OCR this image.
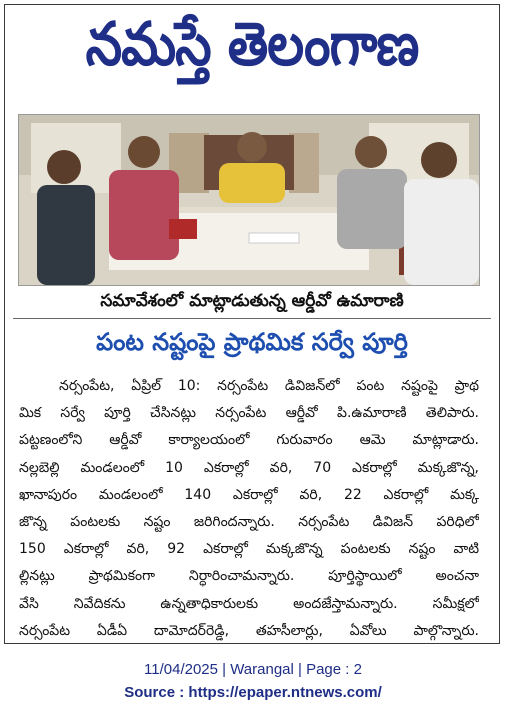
నమస్తే తెలంగాణ
సమావేశంలో మాట్లాడుతున్న ఆర్డీవో ఉమారాణి
పంట నష్టంపై ప్రాథమిక సర్వే పూర్తి
నర్సంపేట, ఏప్రిల్ 10: నర్సంపేట డివిజన్‌లో పంట నష్టంపై ప్రాథ
మిక సర్వే పూర్తి చేసినట్లు నర్సంపేట ఆర్డీవో పి.ఉమారాణి తెలిపారు.
పట్టణంలోని ఆర్డీవో కార్యాలయంలో గురువారం ఆమె మాట్లాడారు.
నల్లబెల్లి మండలంలో 10 ఎకరాల్లో వరి, 70 ఎకరాల్లో మక్కజొన్న,
ఖానాపురం మండలంలో 140 ఎకరాల్లో వరి, 22 ఎకరాల్లో మక్క
జొన్న పంటలకు నష్టం జరిగిందన్నారు. నర్సంపేట డివిజన్ పరిధిలో
150 ఎకరాల్లో వరి, 92 ఎకరాల్లో మక్కజొన్న పంటలకు నష్టం వాటి
ల్లినట్లు ప్రాథమికంగా నిర్ధారించామన్నారు. పూర్తిస్థాయిలో అంచనా
వేసి నివేదికను ఉన్నతాధికారులకు అందజేస్తామన్నారు. సమీక్షలో
నర్సంపేట ఏడీఏ దామోదర్‌రెడ్డి, తహసీలార్లు, ఏవోలు పాల్గొన్నారు.
11/04/2025 | Warangal | Page : 2
Source : https://epaper.ntnews.com/
